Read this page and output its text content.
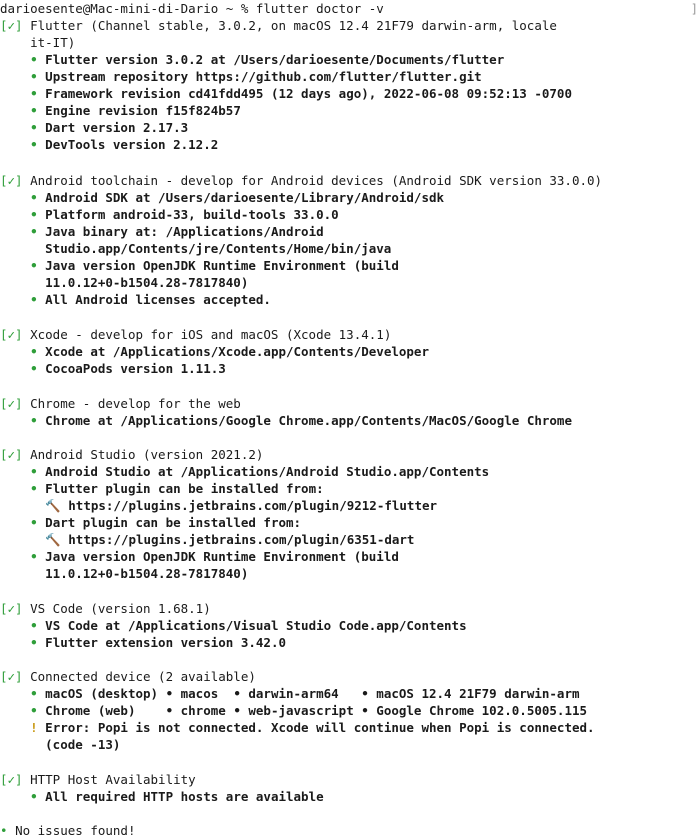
darioesente@Mac-mini-di-Dario ~ % flutter doctor -v	]
[✓] Flutter (Channel stable, 3.0.2, on macOS 12.4 21F79 darwin-arm, locale
it-IT)
• Flutter version 3.0.2 at /Users/darioesente/Documents/flutter
• Upstream repository https://github.com/flutter/flutter.git
• Framework revision cd41fdd495 (12 days ago), 2022-06-08 09:52:13 -0700
• Engine revision f15f824b57
• Dart version 2.17.3
• DevTools version 2.12.2
[✓] Android toolchain - develop for Android devices (Android SDK version 33.0.0)
• Android SDK at /Users/darioesente/Library/Android/sdk
• Platform android-33, build-tools 33.0.0
• Java binary at: /Applications/Android
Studio.app/Contents/jre/Contents/Home/bin/java
• Java version OpenJDK Runtime Environment (build
11.0.12+0-b1504.28-7817840)
• All Android licenses accepted.
[✓] Xcode - develop for iOS and macOS (Xcode 13.4.1)
• Xcode at /Applications/Xcode.app/Contents/Developer
• CocoaPods version 1.11.3
[✓] Chrome - develop for the web
• Chrome at /Applications/Google Chrome.app/Contents/MacOS/Google Chrome
[✓] Android Studio (version 2021.2)
• Android Studio at /Applications/Android Studio.app/Contents
• Flutter plugin can be installed from:
🔨 https://plugins.jetbrains.com/plugin/9212-flutter
• Dart plugin can be installed from:
🔨 https://plugins.jetbrains.com/plugin/6351-dart
• Java version OpenJDK Runtime Environment (build
11.0.12+0-b1504.28-7817840)
[✓] VS Code (version 1.68.1)
• VS Code at /Applications/Visual Studio Code.app/Contents
• Flutter extension version 3.42.0
[✓] Connected device (2 available)
• macOS (desktop) • macos  • darwin-arm64   • macOS 12.4 21F79 darwin-arm
• Chrome (web)    • chrome • web-javascript • Google Chrome 102.0.5005.115
! Error: Popi is not connected. Xcode will continue when Popi is connected.
(code -13)
[✓] HTTP Host Availability
• All required HTTP hosts are available
• No issues found!
